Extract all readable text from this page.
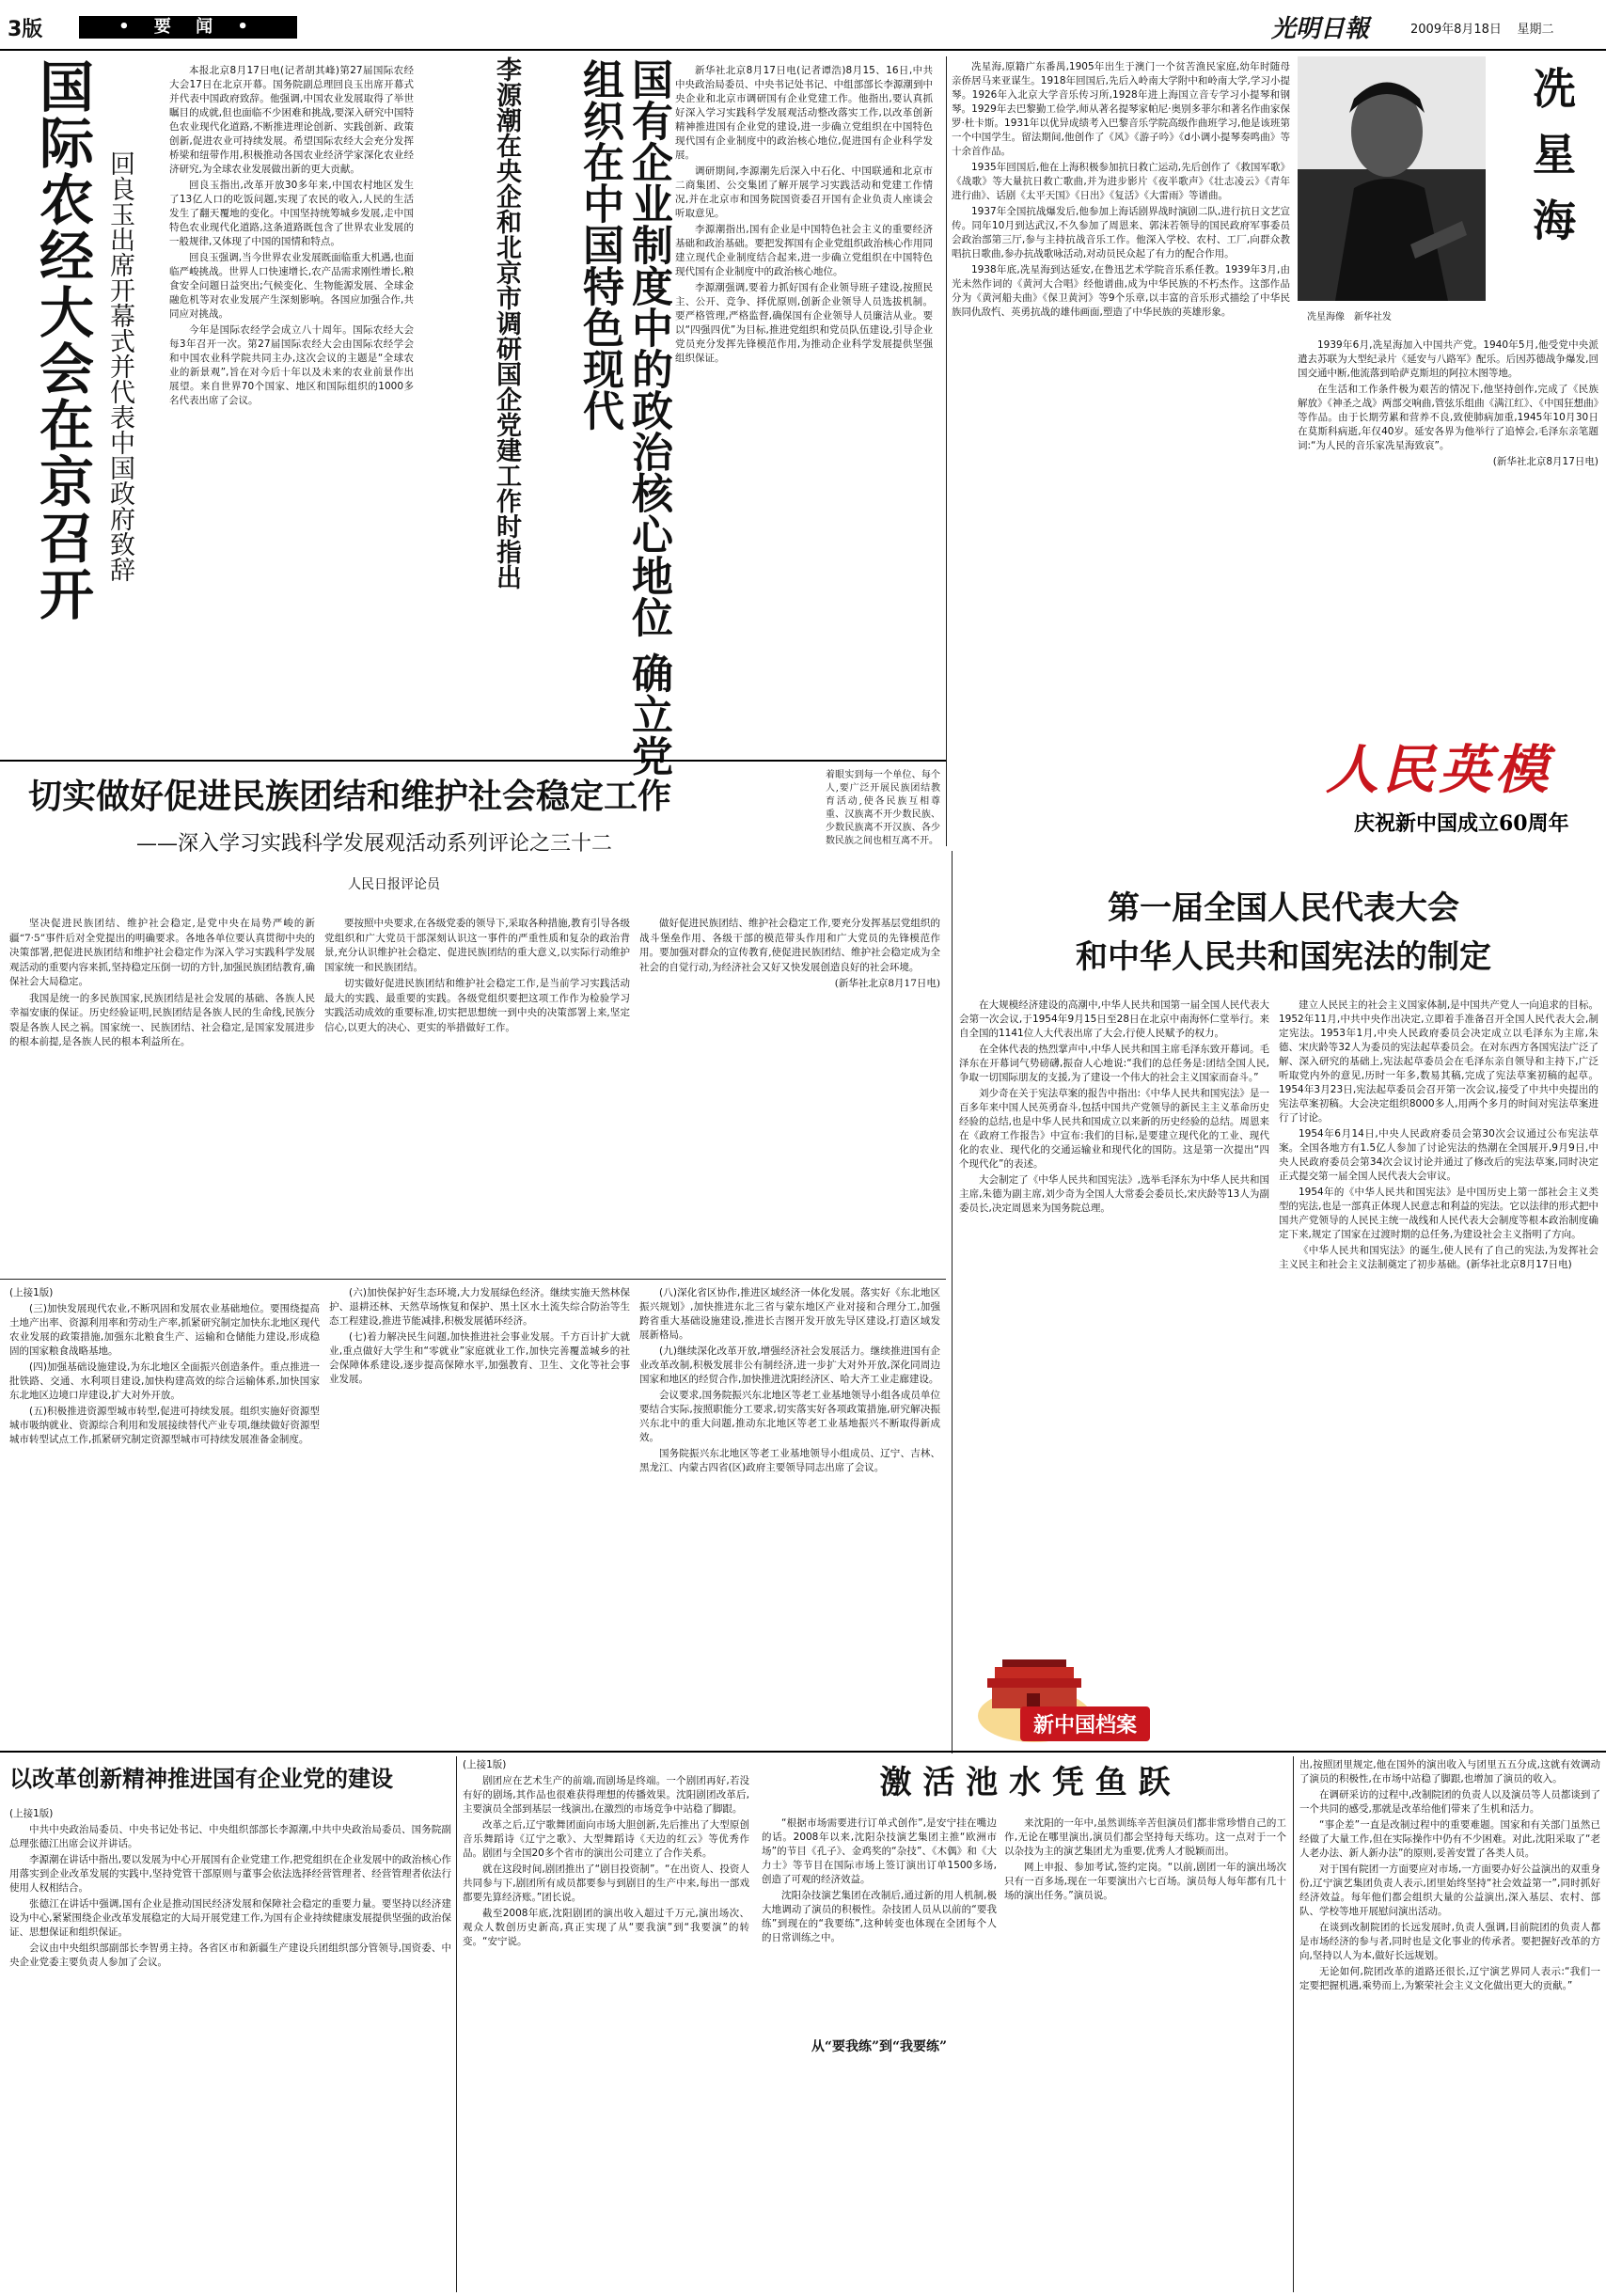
3版	• 要 闻 •	光明日報	2009年8月18日 星期二
国际农经大会在京召开 回良玉出席开幕式并代表中国政府致辞

本报北京8月17日电(记者胡其峰)第27届国际农经大会17日在北京开幕。国务院副总理回良玉出席开幕式并代表中国政府致辞。他强调,中国农业发展取得了举世瞩目的成就,但也面临不少困难和挑战,要深入研究中国特色农业现代化道路,不断推进理论创新、实践创新、政策创新,促进农业可持续发展。希望国际农经大会充分发挥桥梁和纽带作用,积极推动各国农业经济学家深化农业经济研究,为全球农业发展做出新的更大贡献。

回良玉指出,改革开放30多年来,中国农村地区发生了13亿人口的吃饭问题,实现了农民的收入,人民的生活发生了翻天覆地的变化。中国坚持统筹城乡发展,走中国特色农业现代化道路,这条道路既包含了世界农业发展的一般规律,又体现了中国的国情和特点。

回良玉强调,当今世界农业发展既面临重大机遇,也面临严峻挑战。世界人口快速增长,农产品需求刚性增长,粮食安全问题日益突出;气候变化、生物能源发展、全球金融危机等对农业发展产生深刻影响。各国应加强合作,共同应对挑战。

今年是国际农经学会成立八十周年。国际农经大会每3年召开一次。第27届国际农经大会由国际农经学会和中国农业科学院共同主办,这次会议的主题是“全球农业的新景观”,旨在对今后十年以及未来的农业前景作出展望。来自世界70个国家、地区和国际组织的1000多名代表出席了会议。	国有企业制度中的政治核心地位 确立党组织在中国特色现代
李源潮在央企和北京市调研国企党建工作时指出	新华社北京8月17日电(记者谭浩)8月15、16日,中共中央政治局委员、中央书记处书记、中组部部长李源潮到中央企业和北京市调研国有企业党建工作。他指出,要认真抓好深入学习实践科学发展观活动整改落实工作,以改革创新精神推进国有企业党的建设,进一步确立党组织在中国特色现代国有企业制度中的政治核心地位,促进国有企业科学发展。

调研期间,李源潮先后深入中石化、中国联通和北京市二商集团、公交集团了解开展学习实践活动和党建工作情况,并在北京市和国务院国资委召开国有企业负责人座谈会听取意见。

李源潮指出,国有企业是中国特色社会主义的重要经济基础和政治基础。要把发挥国有企业党组织政治核心作用同建立现代企业制度结合起来,进一步确立党组织在中国特色现代国有企业制度中的政治核心地位。

李源潮强调,要着力抓好国有企业领导班子建设,按照民主、公开、竞争、择优原则,创新企业领导人员选拔机制。要严格管理,严格监督,确保国有企业领导人员廉洁从业。要以“四强四优”为目标,推进党组织和党员队伍建设,引导企业党员充分发挥先锋模范作用,为推动企业科学发展提供坚强组织保证。

冼星海,原籍广东番禺,1905年出生于澳门一个贫苦渔民家庭,幼年时随母亲侨居马来亚谋生。1918年回国后,先后入岭南大学附中和岭南大学,学习小提琴。1926年入北京大学音乐传习所,1928年进上海国立音专学习小提琴和钢琴。1929年去巴黎勤工俭学,师从著名提琴家帕尼·奥别多菲尔和著名作曲家保罗·杜卡斯。1931年以优异成绩考入巴黎音乐学院高级作曲班学习,他是该班第一个中国学生。留法期间,他创作了《风》《游子吟》《d小调小提琴奏鸣曲》等十余首作品。

1935年回国后,他在上海积极参加抗日救亡运动,先后创作了《救国军歌》《战歌》等大量抗日救亡歌曲,并为进步影片《夜半歌声》《壮志凌云》《青年进行曲》、话剧《太平天国》《日出》《复活》《大雷雨》等谱曲。

1937年全国抗战爆发后,他参加上海话剧界战时演剧二队,进行抗日文艺宣传。同年10月到达武汉,不久参加了周恩来、郭沫若领导的国民政府军事委员会政治部第三厅,参与主持抗战音乐工作。他深入学校、农村、工厂,向群众教唱抗日歌曲,参办抗战歌咏活动,对动员民众起了有力的配合作用。

1938年底,冼星海到达延安,在鲁迅艺术学院音乐系任教。1939年3月,由光未然作词的《黄河大合唱》经他谱曲,成为中华民族的不朽杰作。这部作品分为《黄河船夫曲》《保卫黄河》等9个乐章,以丰富的音乐形式描绘了中华民族同仇敌忾、英勇抗战的雄伟画面,塑造了中华民族的英雄形象。	冼星海像　新华社发
冼星海

1939年6月,冼星海加入中国共产党。1940年5月,他受党中央派遣去苏联为大型纪录片《延安与八路军》配乐。后因苏德战争爆发,回国交通中断,他流落到哈萨克斯坦的阿拉木图等地。

在生活和工作条件极为艰苦的情况下,他坚持创作,完成了《民族解放》《神圣之战》两部交响曲,管弦乐组曲《满江红》、《中国狂想曲》等作品。由于长期劳累和营养不良,致使肺病加重,1945年10月30日在莫斯科病逝,年仅40岁。延安各界为他举行了追悼会,毛泽东亲笔题词:“为人民的音乐家冼星海致哀”。

(新华社北京8月17日电)

人民英模
庆祝新中国成立60周年
切实做好促进民族团结和维护社会稳定工作
——深入学习实践科学发展观活动系列评论之三十二
人民日报评论员
着眼实到每一个单位、每个人,要广泛开展民族团结教育活动,使各民族互相尊重、汉族离不开少数民族、少数民族离不开汉族、各少数民族之间也相互离不开。

坚决促进民族团结、维护社会稳定,是党中央在局势严峻的新疆“7·5”事件后对全党提出的明确要求。各地各单位要认真贯彻中央的决策部署,把促进民族团结和维护社会稳定作为深入学习实践科学发展观活动的重要内容来抓,坚持稳定压倒一切的方针,加强民族团结教育,确保社会大局稳定。

我国是统一的多民族国家,民族团结是社会发展的基础、各族人民幸福安康的保证。历史经验证明,民族团结是各族人民的生命线,民族分裂是各族人民之祸。国家统一、民族团结、社会稳定,是国家发展进步的根本前提,是各族人民的根本利益所在。

要按照中央要求,在各级党委的领导下,采取各种措施,教育引导各级党组织和广大党员干部深刻认识这一事件的严重性质和复杂的政治背景,充分认识维护社会稳定、促进民族团结的重大意义,以实际行动维护国家统一和民族团结。

切实做好促进民族团结和维护社会稳定工作,是当前学习实践活动最大的实践、最重要的实践。各级党组织要把这项工作作为检验学习实践活动成效的重要标准,切实把思想统一到中央的决策部署上来,坚定信心,以更大的决心、更实的举措做好工作。

做好促进民族团结、维护社会稳定工作,要充分发挥基层党组织的战斗堡垒作用、各级干部的模范带头作用和广大党员的先锋模范作用。要加强对群众的宣传教育,使促进民族团结、维护社会稳定成为全社会的自觉行动,为经济社会又好又快发展创造良好的社会环境。

(新华社北京8月17日电)

(上接1版)

(三)加快发展现代农业,不断巩固和发展农业基础地位。要围绕提高土地产出率、资源利用率和劳动生产率,抓紧研究制定加快东北地区现代农业发展的政策措施,加强东北粮食生产、运输和仓储能力建设,形成稳固的国家粮食战略基地。

(四)加强基础设施建设,为东北地区全面振兴创造条件。重点推进一批铁路、交通、水利项目建设,加快构建高效的综合运输体系,加快国家东北地区边境口岸建设,扩大对外开放。

(五)积极推进资源型城市转型,促进可持续发展。组织实施好资源型城市吸纳就业、资源综合利用和发展接续替代产业专项,继续做好资源型城市转型试点工作,抓紧研究制定资源型城市可持续发展准备金制度。

(六)加快保护好生态环境,大力发展绿色经济。继续实施天然林保护、退耕还林、天然草场恢复和保护、黑土区水土流失综合防治等生态工程建设,推进节能减排,积极发展循环经济。

(七)着力解决民生问题,加快推进社会事业发展。千方百计扩大就业,重点做好大学生和“零就业”家庭就业工作,加快完善覆盖城乡的社会保障体系建设,逐步提高保障水平,加强教育、卫生、文化等社会事业发展。

(八)深化省区协作,推进区域经济一体化发展。落实好《东北地区振兴规划》,加快推进东北三省与蒙东地区产业对接和合理分工,加强跨省重大基础设施建设,推进长吉图开发开放先导区建设,打造区域发展新格局。

(九)继续深化改革开放,增强经济社会发展活力。继续推进国有企业改革改制,积极发展非公有制经济,进一步扩大对外开放,深化同周边国家和地区的经贸合作,加快推进沈阳经济区、哈大齐工业走廊建设。

会议要求,国务院振兴东北地区等老工业基地领导小组各成员单位要结合实际,按照职能分工要求,切实落实好各项政策措施,研究解决振兴东北中的重大问题,推动东北地区等老工业基地振兴不断取得新成效。

国务院振兴东北地区等老工业基地领导小组成员、辽宁、吉林、黑龙江、内蒙古四省(区)政府主要领导同志出席了会议。

第一届全国人民代表大会
和中华人民共和国宪法的制定

在大规模经济建设的高潮中,中华人民共和国第一届全国人民代表大会第一次会议,于1954年9月15日至28日在北京中南海怀仁堂举行。来自全国的1141位人大代表出席了大会,行使人民赋予的权力。

在全体代表的热烈掌声中,中华人民共和国主席毛泽东致开幕词。毛泽东在开幕词气势磅礴,振奋人心地说:“我们的总任务是:团结全国人民,争取一切国际朋友的支援,为了建设一个伟大的社会主义国家而奋斗。”

刘少奇在关于宪法草案的报告中指出:《中华人民共和国宪法》是一百多年来中国人民英勇奋斗,包括中国共产党领导的新民主主义革命历史经验的总结,也是中华人民共和国成立以来新的历史经验的总结。周恩来在《政府工作报告》中宣布:我们的目标,是要建立现代化的工业、现代化的农业、现代化的交通运输业和现代化的国防。这是第一次提出“四个现代化”的表述。

大会制定了《中华人民共和国宪法》,选举毛泽东为中华人民共和国主席,朱德为副主席,刘少奇为全国人大常委会委员长,宋庆龄等13人为副委员长,决定周恩来为国务院总理。

建立人民民主的社会主义国家体制,是中国共产党人一向追求的目标。1952年11月,中共中央作出决定,立即着手准备召开全国人民代表大会,制定宪法。1953年1月,中央人民政府委员会决定成立以毛泽东为主席,朱德、宋庆龄等32人为委员的宪法起草委员会。在对东西方各国宪法广泛了解、深入研究的基础上,宪法起草委员会在毛泽东亲自领导和主持下,广泛听取党内外的意见,历时一年多,数易其稿,完成了宪法草案初稿的起草。1954年3月23日,宪法起草委员会召开第一次会议,接受了中共中央提出的宪法草案初稿。大会决定组织8000多人,用两个多月的时间对宪法草案进行了讨论。

1954年6月14日,中央人民政府委员会第30次会议通过公布宪法草案。全国各地方有1.5亿人参加了讨论宪法的热潮在全国展开,9月9日,中央人民政府委员会第34次会议讨论并通过了修改后的宪法草案,同时决定正式提交第一届全国人民代表大会审议。

1954年的《中华人民共和国宪法》是中国历史上第一部社会主义类型的宪法,也是一部真正体现人民意志和利益的宪法。它以法律的形式把中国共产党领导的人民民主统一战线和人民代表大会制度等根本政治制度确定下来,规定了国家在过渡时期的总任务,为建设社会主义指明了方向。

《中华人民共和国宪法》的诞生,使人民有了自己的宪法,为发挥社会主义民主和社会主义法制奠定了初步基础。(新华社北京8月17日电)

新中国档案
以改革创新精神推进国有企业党的建设

(上接1版)

中共中央政治局委员、中央书记处书记、中央组织部部长李源潮,中共中央政治局委员、国务院副总理张德江出席会议并讲话。

李源潮在讲话中指出,要以发展为中心开展国有企业党建工作,把党组织在企业发展中的政治核心作用落实到企业改革发展的实践中,坚持党管干部原则与董事会依法选择经营管理者、经营管理者依法行使用人权相结合。

张德江在讲话中强调,国有企业是推动国民经济发展和保障社会稳定的重要力量。要坚持以经济建设为中心,紧紧围绕企业改革发展稳定的大局开展党建工作,为国有企业持续健康发展提供坚强的政治保证、思想保证和组织保证。

会议由中央组织部副部长李智勇主持。各省区市和新疆生产建设兵团组织部分管领导,国资委、中央企业党委主要负责人参加了会议。

(上接1版)

剧团应在艺术生产的前端,而剧场是终端。一个剧团再好,若没有好的剧场,其作品也很难获得理想的传播效果。沈阳剧团改革后,主要演员全部到基层一线演出,在激烈的市场竞争中站稳了脚跟。

改革之后,辽宁歌舞团面向市场大胆创新,先后推出了大型原创音乐舞蹈诗《辽宁之歌》、大型舞蹈诗《天边的红云》等优秀作品。剧团与全国20多个省市的演出公司建立了合作关系。

就在这段时间,剧团推出了“剧目投资制”。“在出资人、投资人共同参与下,剧团所有成员都要参与到剧目的生产中来,每出一部戏都要先算经济账。”团长说。

截至2008年底,沈阳剧团的演出收入超过千万元,演出场次、观众人数创历史新高,真正实现了从“要我演”到“我要演”的转变。“安宁说。

激 活 池 水 凭 鱼 跃

“根据市场需要进行订单式创作”,是安宁挂在嘴边的话。2008年以来,沈阳杂技演艺集团主推“欧洲市场”的节目《孔子》、金鸡奖的“杂技”、《木偶》和《大力士》等节目在国际市场上签订演出订单1500多场,创造了可观的经济效益。

沈阳杂技演艺集团在改制后,通过新的用人机制,极大地调动了演员的积极性。杂技团人员从以前的“要我练”到现在的“我要练”,这种转变也体现在全团每个人的日常训练之中。

从“要我练”到“我要练”

来沈阳的一年中,虽然训练辛苦但演员们都非常珍惜自己的工作,无论在哪里演出,演员们都会坚持每天练功。这一点对于一个以杂技为主的演艺集团尤为重要,优秀人才脱颖而出。

网上申报、参加考试,签约定岗。“以前,剧团一年的演出场次只有一百多场,现在一年要演出六七百场。演员每人每年都有几十场的演出任务。”演员说。

出,按照团里规定,他在国外的演出收入与团里五五分成,这就有效调动了演员的积极性,在市场中站稳了脚跟,也增加了演员的收入。

在调研采访的过程中,改制院团的负责人以及演员等人员都谈到了一个共同的感受,那就是改革给他们带来了生机和活力。

“事企差”一直是改制过程中的重要难题。国家和有关部门虽然已经做了大量工作,但在实际操作中仍有不少困难。对此,沈阳采取了“老人老办法、新人新办法”的原则,妥善安置了各类人员。

对于国有院团一方面要应对市场,一方面要办好公益演出的双重身份,辽宁演艺集团负责人表示,团里始终坚持“社会效益第一”,同时抓好经济效益。每年他们都会组织大量的公益演出,深入基层、农村、部队、学校等地开展慰问演出活动。

在谈到改制院团的长远发展时,负责人强调,目前院团的负责人都是市场经济的参与者,同时也是文化事业的传承者。要把握好改革的方向,坚持以人为本,做好长远规划。

无论如何,院团改革的道路还很长,辽宁演艺界同人表示:“我们一定要把握机遇,乘势而上,为繁荣社会主义文化做出更大的贡献。”
